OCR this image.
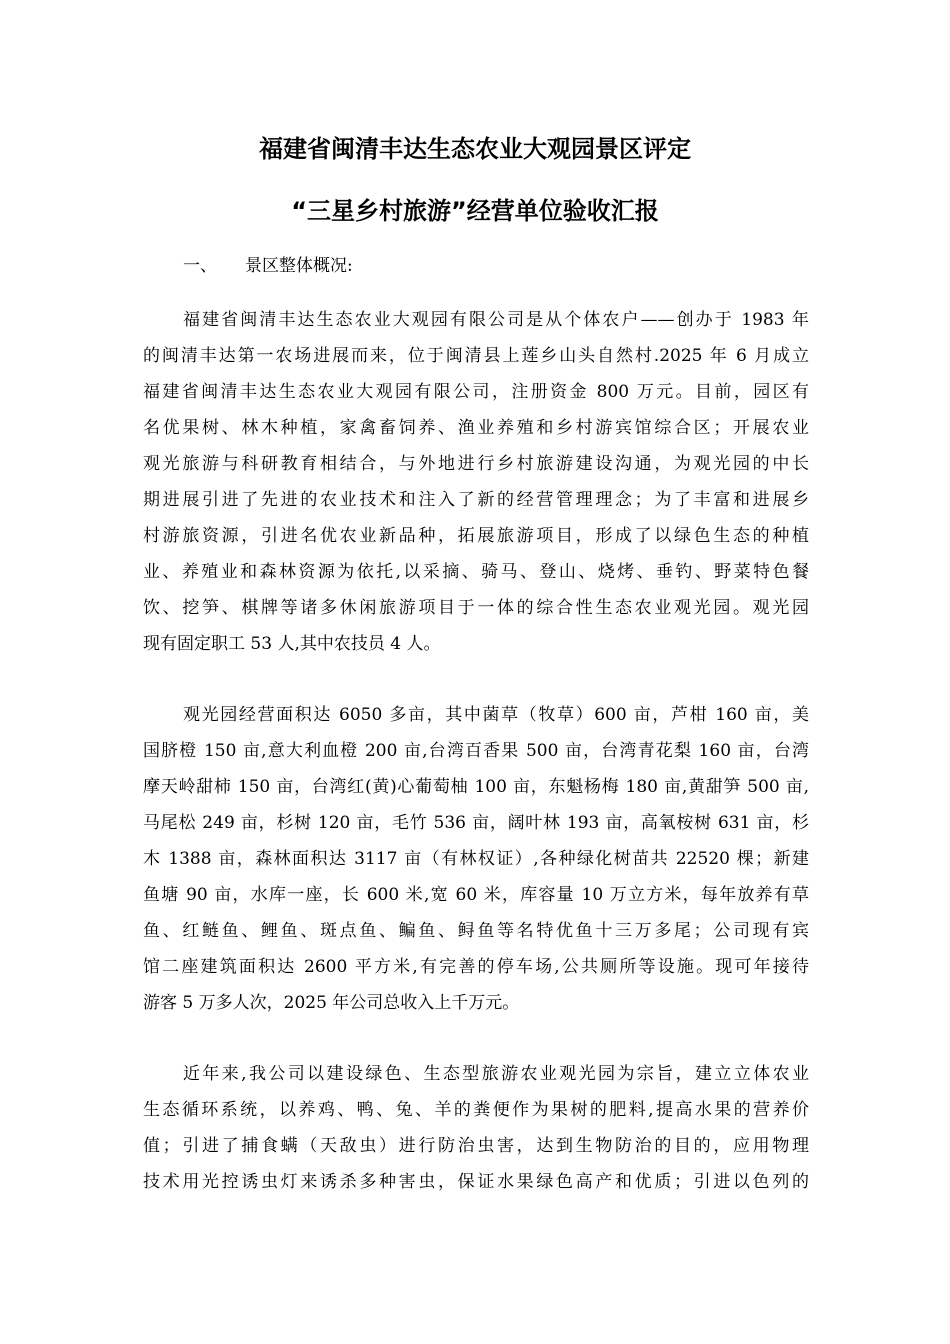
福建省闽清丰达生态农业大观园景区评定
“三星乡村旅游”经营单位验收汇报
一、 景区整体概况:
福建省闽清丰达生态农业大观园有限公司是从个体农户——创办于 1983 年
的闽清丰达第一农场进展而来，位于闽清县上莲乡山头自然村.2025 年 6 月成立
福建省闽清丰达生态农业大观园有限公司，注册资金 800 万元。目前，园区有
名优果树、林木种植，家禽畜饲养、渔业养殖和乡村游宾馆综合区；开展农业
观光旅游与科研教育相结合，与外地进行乡村旅游建设沟通，为观光园的中长
期进展引进了先进的农业技术和注入了新的经营管理理念；为了丰富和进展乡
村游旅资源，引进名优农业新品种，拓展旅游项目，形成了以绿色生态的种植
业、养殖业和森林资源为依托,以采摘、骑马、登山、烧烤、垂钓、野菜特色餐
饮、挖笋、棋牌等诸多休闲旅游项目于一体的综合性生态农业观光园。观光园
现有固定职工 53 人,其中农技员 4 人。
观光园经营面积达 6050 多亩，其中菌草（牧草）600 亩，芦柑 160 亩，美
国脐橙 150 亩,意大利血橙 200 亩,台湾百香果 500 亩，台湾青花梨 160 亩，台湾
摩天岭甜柿 150 亩，台湾红(黄)心葡萄柚 100 亩，东魁杨梅 180 亩,黄甜笋 500 亩,
马尾松 249 亩，杉树 120 亩，毛竹 536 亩，阔叶林 193 亩，高氧桉树 631 亩，杉
木 1388 亩，森林面积达 3117 亩（有林权证）,各种绿化树苗共 22520 棵；新建
鱼塘 90 亩，水库一座，长 600 米,宽 60 米，库容量 10 万立方米，每年放养有草
鱼、红鲢鱼、鲤鱼、斑点鱼、鳊鱼、鲟鱼等名特优鱼十三万多尾；公司现有宾
馆二座建筑面积达 2600 平方米,有完善的停车场,公共厕所等设施。现可年接待
游客 5 万多人次，2025 年公司总收入上千万元。
近年来,我公司以建设绿色、生态型旅游农业观光园为宗旨，建立立体农业
生态循环系统，以养鸡、鸭、兔、羊的粪便作为果树的肥料,提高水果的营养价
值；引进了捕食螨（天敌虫）进行防治虫害，达到生物防治的目的，应用物理
技术用光控诱虫灯来诱杀多种害虫，保证水果绿色高产和优质；引进以色列的
